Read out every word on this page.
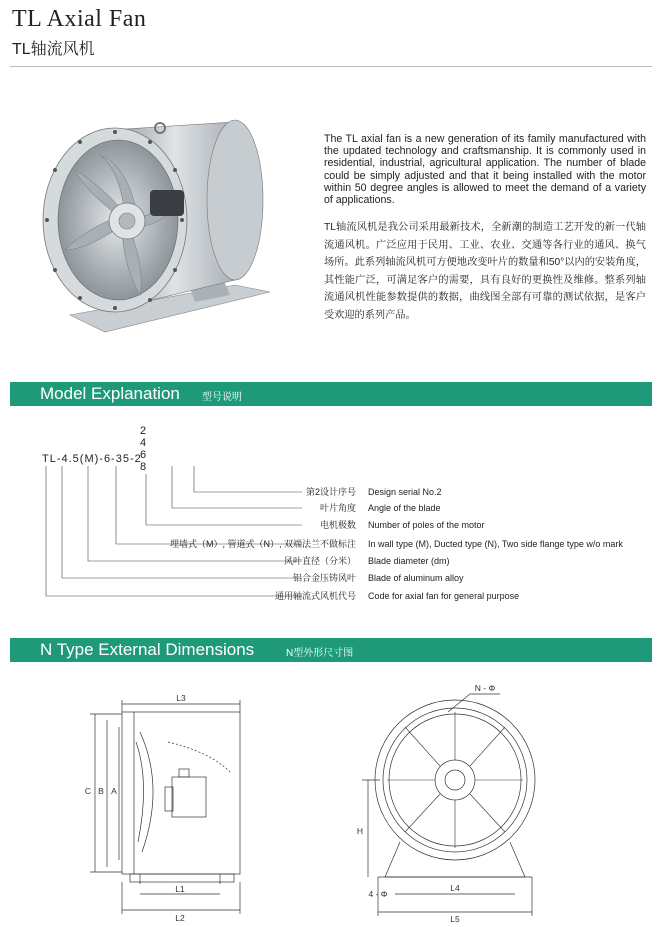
TL Axial Fan
TL轴流风机
The TL axial fan is a new generation of its family manufactured with the updated technology and craftsmanship. It is commonly used in residential, industrial, agricultural application. The number of blade could be simply adjusted and that it being installed with the motor within 50 degree angles is allowed to meet the demand of a variety of applications.
TL轴流风机是我公司采用最新技术，全新潮的制造工艺开发的新一代轴流通风机。广泛应用于民用、工业、农业、交通等各行业的通风、换气场所。此系列轴流风机可方便地改变叶片的数量和50°以内的安装角度，其性能广泛，可满足客户的需要，具有良好的更换性及维修。整系列轴流通风机性能参数提供的数据，曲线图全部有可靠的测试依据，是客户受欢迎的系列产品。
Model Explanation 型号说明
2
4
6
8
TL-4.5(M)-6-35-2
第2设计序号 Design serial No.2
叶片角度 Angle of the blade
电机极数 Number of poles of the motor
埋墙式（M）, 管道式（N）, 双端法兰不做标注 In wall type (M), Ducted type (N), Two side flange type w/o mark
风叶直径（分米） Blade diameter (dm)
铝合金压铸风叶 Blade of aluminum alloy
通用轴流式风机代号 Code for axial fan for general purpose
N Type External Dimensions	N型外形尺寸图
L3
C B A
L1
L2
N - Φ
H
L4
L5
4 - Φ
